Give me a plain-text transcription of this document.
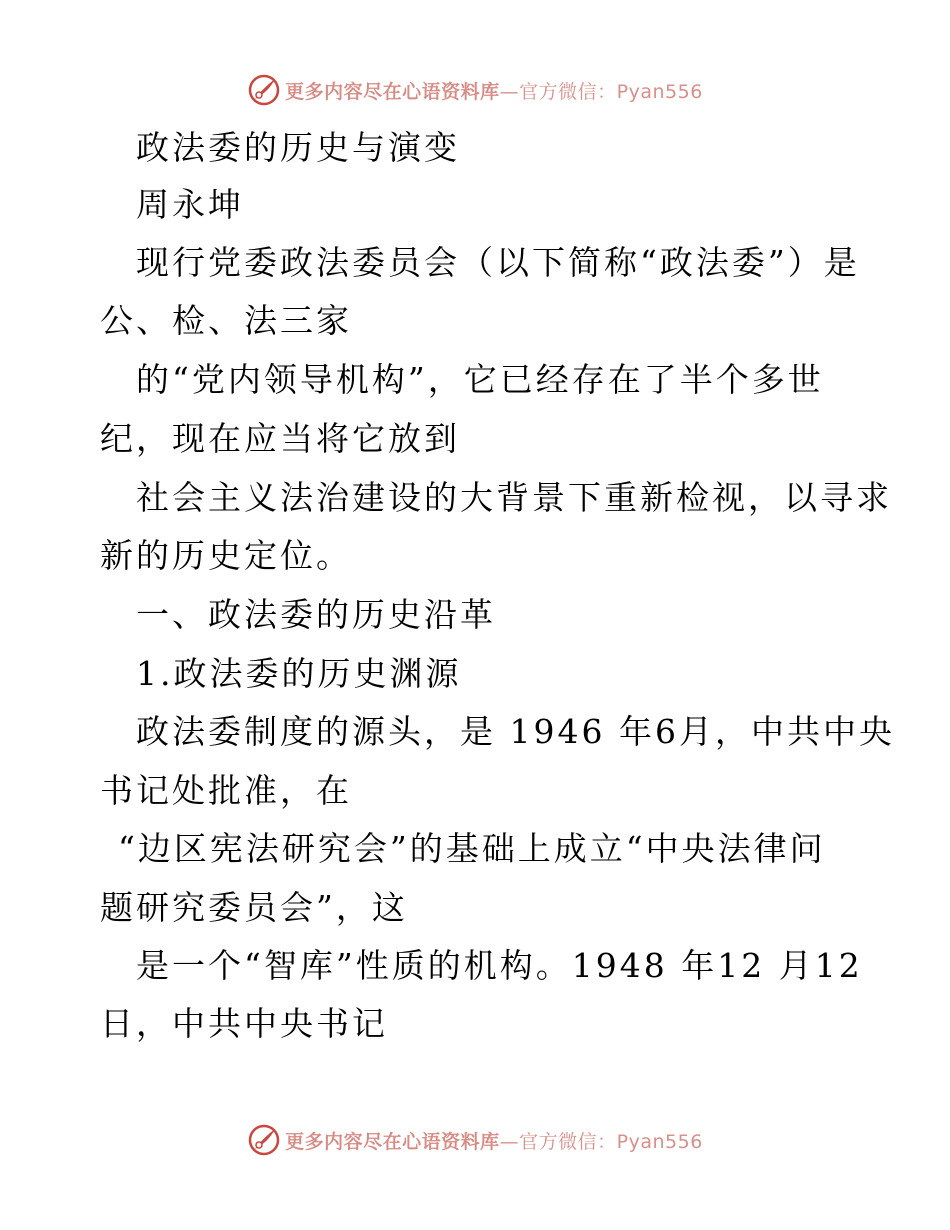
更多内容尽在心语资料库—官方微信：Pyan556
政法委的历史与演变
周永坤
现行党委政法委员会（以下简称“政法委”）是
公、检、法三家
的“党内领导机构”，它已经存在了半个多世
纪，现在应当将它放到
社会主义法治建设的大背景下重新检视，以寻求
新的历史定位。
一、政法委的历史沿革
1.政法委的历史渊源
政法委制度的源头，是 1946 年6月，中共中央
书记处批准，在
“边区宪法研究会”的基础上成立“中央法律问
题研究委员会”，这
是一个“智库”性质的机构。1948 年12 月12
日，中共中央书记
更多内容尽在心语资料库—官方微信：Pyan556
